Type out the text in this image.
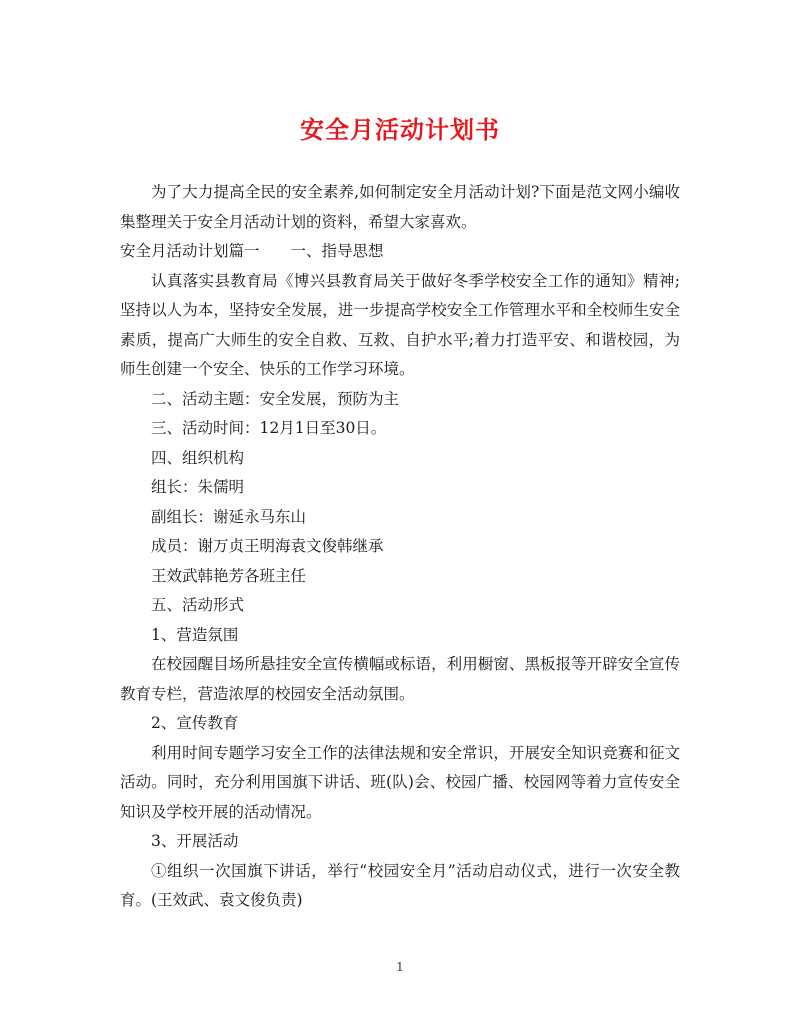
安全月活动计划书

为了大力提高全民的安全素养,如何制定安全月活动计划?下面是范文网小编收集整理关于安全月活动计划的资料，希望大家喜欢。

安全月活动计划篇一　　一、指导思想

认真落实县教育局《博兴县教育局关于做好冬季学校安全工作的通知》精神;坚持以人为本，坚持安全发展，进一步提高学校安全工作管理水平和全校师生安全素质，提高广大师生的安全自救、互救、自护水平;着力打造平安、和谐校园，为师生创建一个安全、快乐的工作学习环境。

二、活动主题：安全发展，预防为主

三、活动时间：12月1日至30日。

四、组织机构

组长：朱儒明

副组长：谢延永马东山

成员：谢万贞王明海袁文俊韩继承

王效武韩艳芳各班主任

五、活动形式

1、营造氛围

在校园醒目场所悬挂安全宣传横幅或标语，利用橱窗、黑板报等开辟安全宣传教育专栏，营造浓厚的校园安全活动氛围。

2、宣传教育

利用时间专题学习安全工作的法律法规和安全常识，开展安全知识竞赛和征文活动。同时，充分利用国旗下讲话、班(队)会、校园广播、校园网等着力宣传安全知识及学校开展的活动情况。

3、开展活动

①组织一次国旗下讲话，举行“校园安全月”活动启动仪式，进行一次安全教育。(王效武、袁文俊负责)

1
